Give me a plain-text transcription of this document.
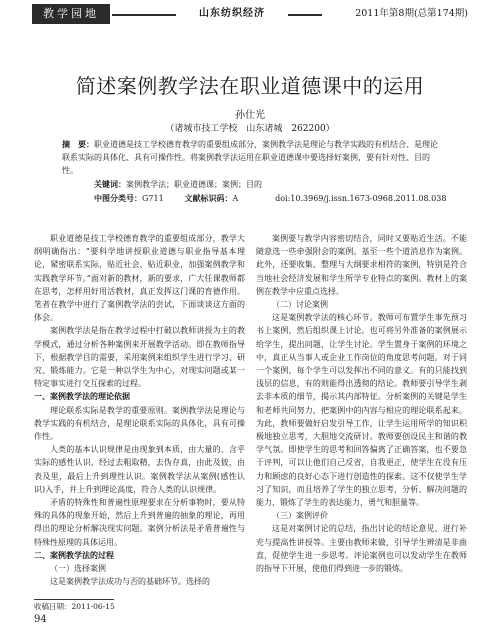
教学园地	山东纺织经济	2011年第8期(总第174期)
简述案例教学法在职业道德课中的运用
孙仕光
（诸城市技工学校　山东诸城　262200）
摘　要：职业道德是技工学校德育教学的重要组成部分，案例教学法是理论与教学实践的有机结合、是理论联系实际的具体化、具有可操作性。将案例教学法运用在职业道德课中要选择好案例，要有针对性、目的性。
关键词：案例教学法；职业道德课；案例；目的
中图分类号：G711	文献标识码：A	doi:10.3969/j.issn.1673-0968.2011.08.038

职业道德是技工学校德育教学的重要组成部分，教学大纲明确指出：“要科学地讲授职业道德与职业指导基本理论，紧密联系实际，贴近社会、贴近职业，加强案例教学和实践教学环节。”面对新的教材，新的要求，广大任课教师都在思考，怎样用好用活教材，真正发挥这门课的育德作用。笔者在教学中进行了案例教学法的尝试，下面谈谈这方面的体会。

案例教学法是指在教学过程中打破以教师讲授为主的教学模式，通过分析各种案例来开展教学活动。即在教师指导下，根据教学目的需要，采用案例来组织学生进行学习、研究、锻炼能力。它是一种以学生为中心，对现实问题或某一特定事实进行交互探索的过程。

一、案例教学法的理论依据

理论联系实际是教学的重要原则。案例教学法是理论与教学实践的有机结合，是理论联系实际的具体化，具有可操作性。

人类的基本认识规律是由现象到本质，由大量的、含乎实际的感性认识，经过去粗取精，去伪存真，由此及彼，由表及里，最后上升到理性认识。案例教学法从案例(感性认识)入手，并上升到理论高度，符合人类的认识规律。

矛盾的特殊性和普遍性原理要求在分析事物时，要从特殊的具体的现象开始，然后上升到普遍的抽象的理论，再用得出的理论分析解决现实问题。案例分析法是矛盾普遍性与特殊性原理的具体运用。

二、案例教学法的过程
（一）选择案例

这是案例教学法成功与否的基础环节。选择的

案例要与教学内容密切结合，同时又要贴近生活。不能随意选一些牵强附会的案例。基至一些个道消息作为案例。此外，还要收集、整理与大纲要求相符的案例，特别是符合当地社会经济发展和学生所学专业特点的案例。教材上的案例在教学中应重点选择。

（二）讨论案例

这是案例教学法的核心环节。教师可布置学生事先预习书上案例，然后组织课上讨论。也可将另外准备的案例展示给学生，提出问题，让学生讨论。学生置身于案例的环境之中，真正从当事人或企业工作岗位的角度思考问题。对于同一个案例，每个学生可以发挥出不同的意义。有的只能找到浅层的信息，有的则能得出透彻的结论。教师要引导学生剥去非本质的细节，揭示其内部特征。分析案例的关键是学生和老师共同努力，把案例中的内容与相应的理论联系起来。为此，教师要做好启发引导工作，让学生运用所学的知识积极地独立思考，大胆地交流研讨。教师要创设民主和谐的教学气氛。即使学生的思考和回答偏离了正确答案，也不要急于评判，可以让他们自己反省，自我更正，使学生在没有压力和顾虑的良好心态下进行创造性的探索。这不仅使学生学习了知识，而且培养了学生的独立思考，分析、解决问题的能力，锻炼了学生的表达能力，勇气和胆量等。

（三）案例评价

这是对案例讨论的总结，指出讨论的结论意见，进行补充与提高性讲授等。主要由教师来做，引导学生辨清是非曲直，促使学生进一步思考。评论案例也可以发动学生在教师的指导下开展，使他们得到进一步的锻炼。

收稿日期：2011-06-15
94
